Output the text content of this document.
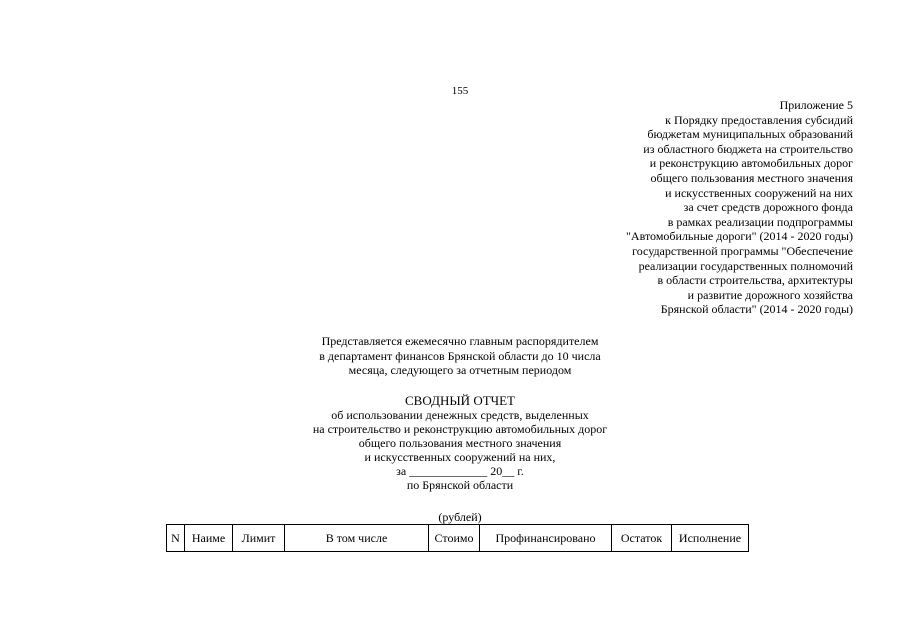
155
Приложение 5
к Порядку предоставления субсидий
бюджетам муниципальных образований
из областного бюджета на строительство
и реконструкцию автомобильных дорог
общего пользования местного значения
и искусственных сооружений на них
за счет средств дорожного фонда
в рамках реализации подпрограммы
"Автомобильные дороги" (2014 - 2020 годы)
государственной программы "Обеспечение
реализации государственных полномочий
в области строительства, архитектуры
и развитие дорожного хозяйства
Брянской области" (2014 - 2020 годы)
Представляется ежемесячно главным распорядителем
в департамент финансов Брянской области до 10 числа
месяца, следующего за отчетным периодом
СВОДНЫЙ ОТЧЕТ
об использовании денежных средств, выделенных
на строительство и реконструкцию автомобильных дорог
общего пользования местного значения
и искусственных сооружений на них,
за _____________ 20__ г.
по Брянской области
(рублей)
N	Наиме	Лимит	В том числе	Стоимо	Профинансировано	Остаток	Исполнение
